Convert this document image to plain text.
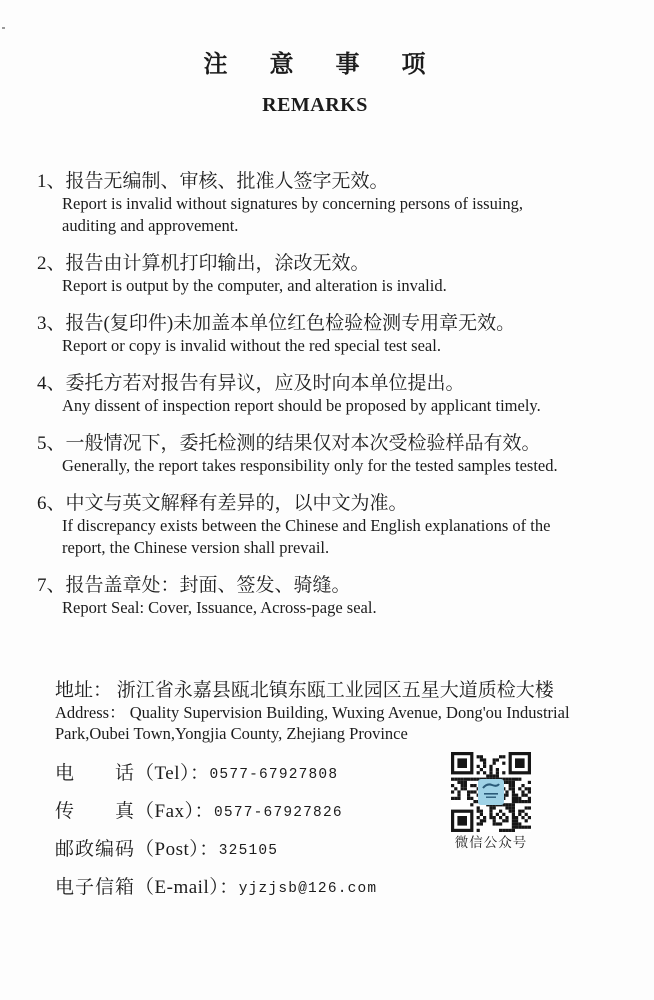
注 意 事 项
REMARKS
1、报告无编制、审核、批准人签字无效。
Report is invalid without signatures by concerning persons of issuing,
auditing and approvement.
2、报告由计算机打印输出，涂改无效。
Report is output by the computer, and alteration is invalid.
3、报告(复印件)未加盖本单位红色检验检测专用章无效。
Report or copy is invalid without the red special test seal.
4、委托方若对报告有异议，应及时向本单位提出。
Any dissent of inspection report should be proposed by applicant timely.
5、一般情况下，委托检测的结果仅对本次受检验样品有效。
Generally, the report takes responsibility only for the tested samples tested.
6、中文与英文解释有差异的，以中文为准。
If discrepancy exists between the Chinese and English explanations of the
report, the Chinese version shall prevail.
7、报告盖章处：封面、签发、骑缝。
Report Seal: Cover, Issuance, Across-page seal.
地址： 浙江省永嘉县瓯北镇东瓯工业园区五星大道质检大楼
Address： Quality Supervision Building, Wuxing Avenue, Dong'ou Industrial
Park,Oubei Town,Yongjia County, Zhejiang Province
电　　话（Tel）：0577-67927808
传　　真（Fax）：0577-67927826
邮政编码（Post）：325105
电子信箱（E-mail）：yjzjsb@126.com
微信公众号
